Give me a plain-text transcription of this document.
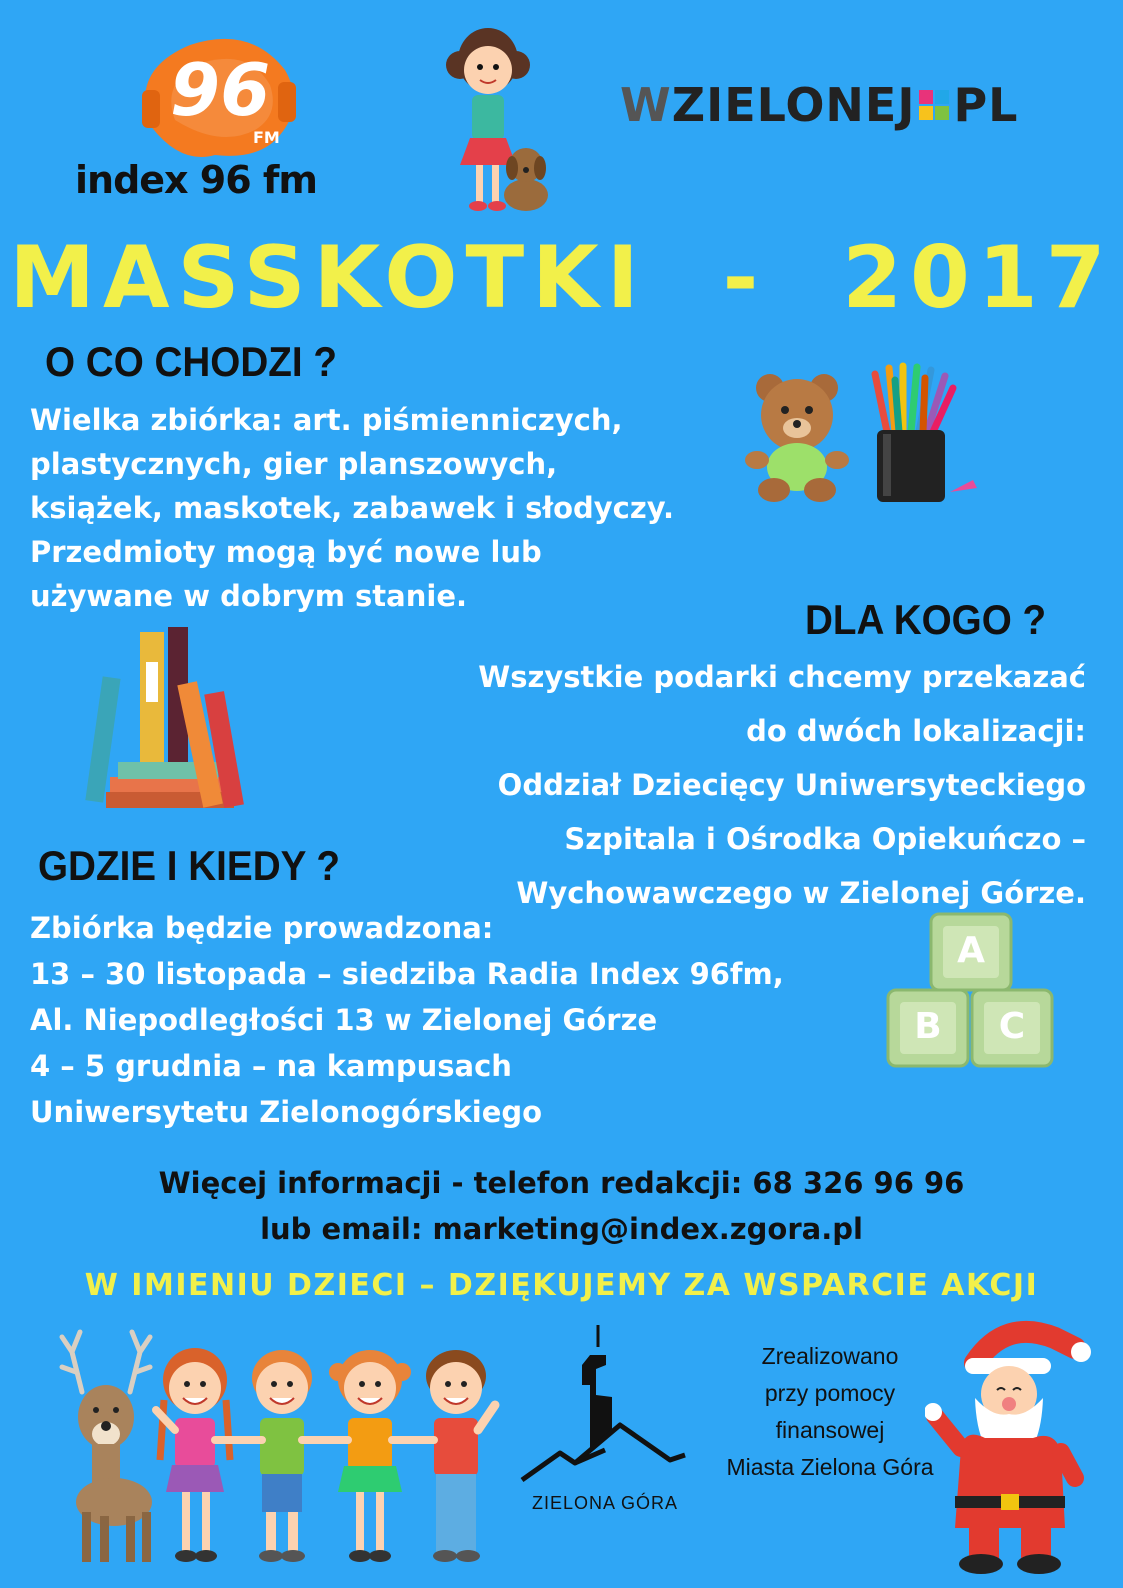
96
FM
index 96 fm
W ZIELONEJ PL
MASSKOTKI  -  2017
O CO CHODZI ?
Wielka zbiórka: art. piśmienniczych,
plastycznych, gier planszowych,
książek, maskotek, zabawek i słodyczy.
Przedmioty mogą być nowe lub
używane w dobrym stanie.	DLA KOGO ?
Wszystkie podarki chcemy przekazać
do dwóch lokalizacji:
Oddział Dziecięcy Uniwersyteckiego
Szpitala i Ośrodka Opiekuńczo –
Wychowawczego w Zielonej Górze.
GDZIE I KIEDY ?
Zbiórka będzie prowadzona:
13 – 30 listopada – siedziba Radia Index 96fm,
Al. Niepodległości 13 w Zielonej Górze
4 – 5 grudnia – na kampusach
Uniwersytetu Zielonogórskiego
A
B C
Więcej informacji - telefon redakcji: 68 326 96 96
lub email: marketing@index.zgora.pl
W IMIENIU DZIECI – DZIĘKUJEMY ZA WSPARCIE AKCJI
ZIELONA GÓRA
Zrealizowano
przy pomocy
finansowej
Miasta Zielona Góra
